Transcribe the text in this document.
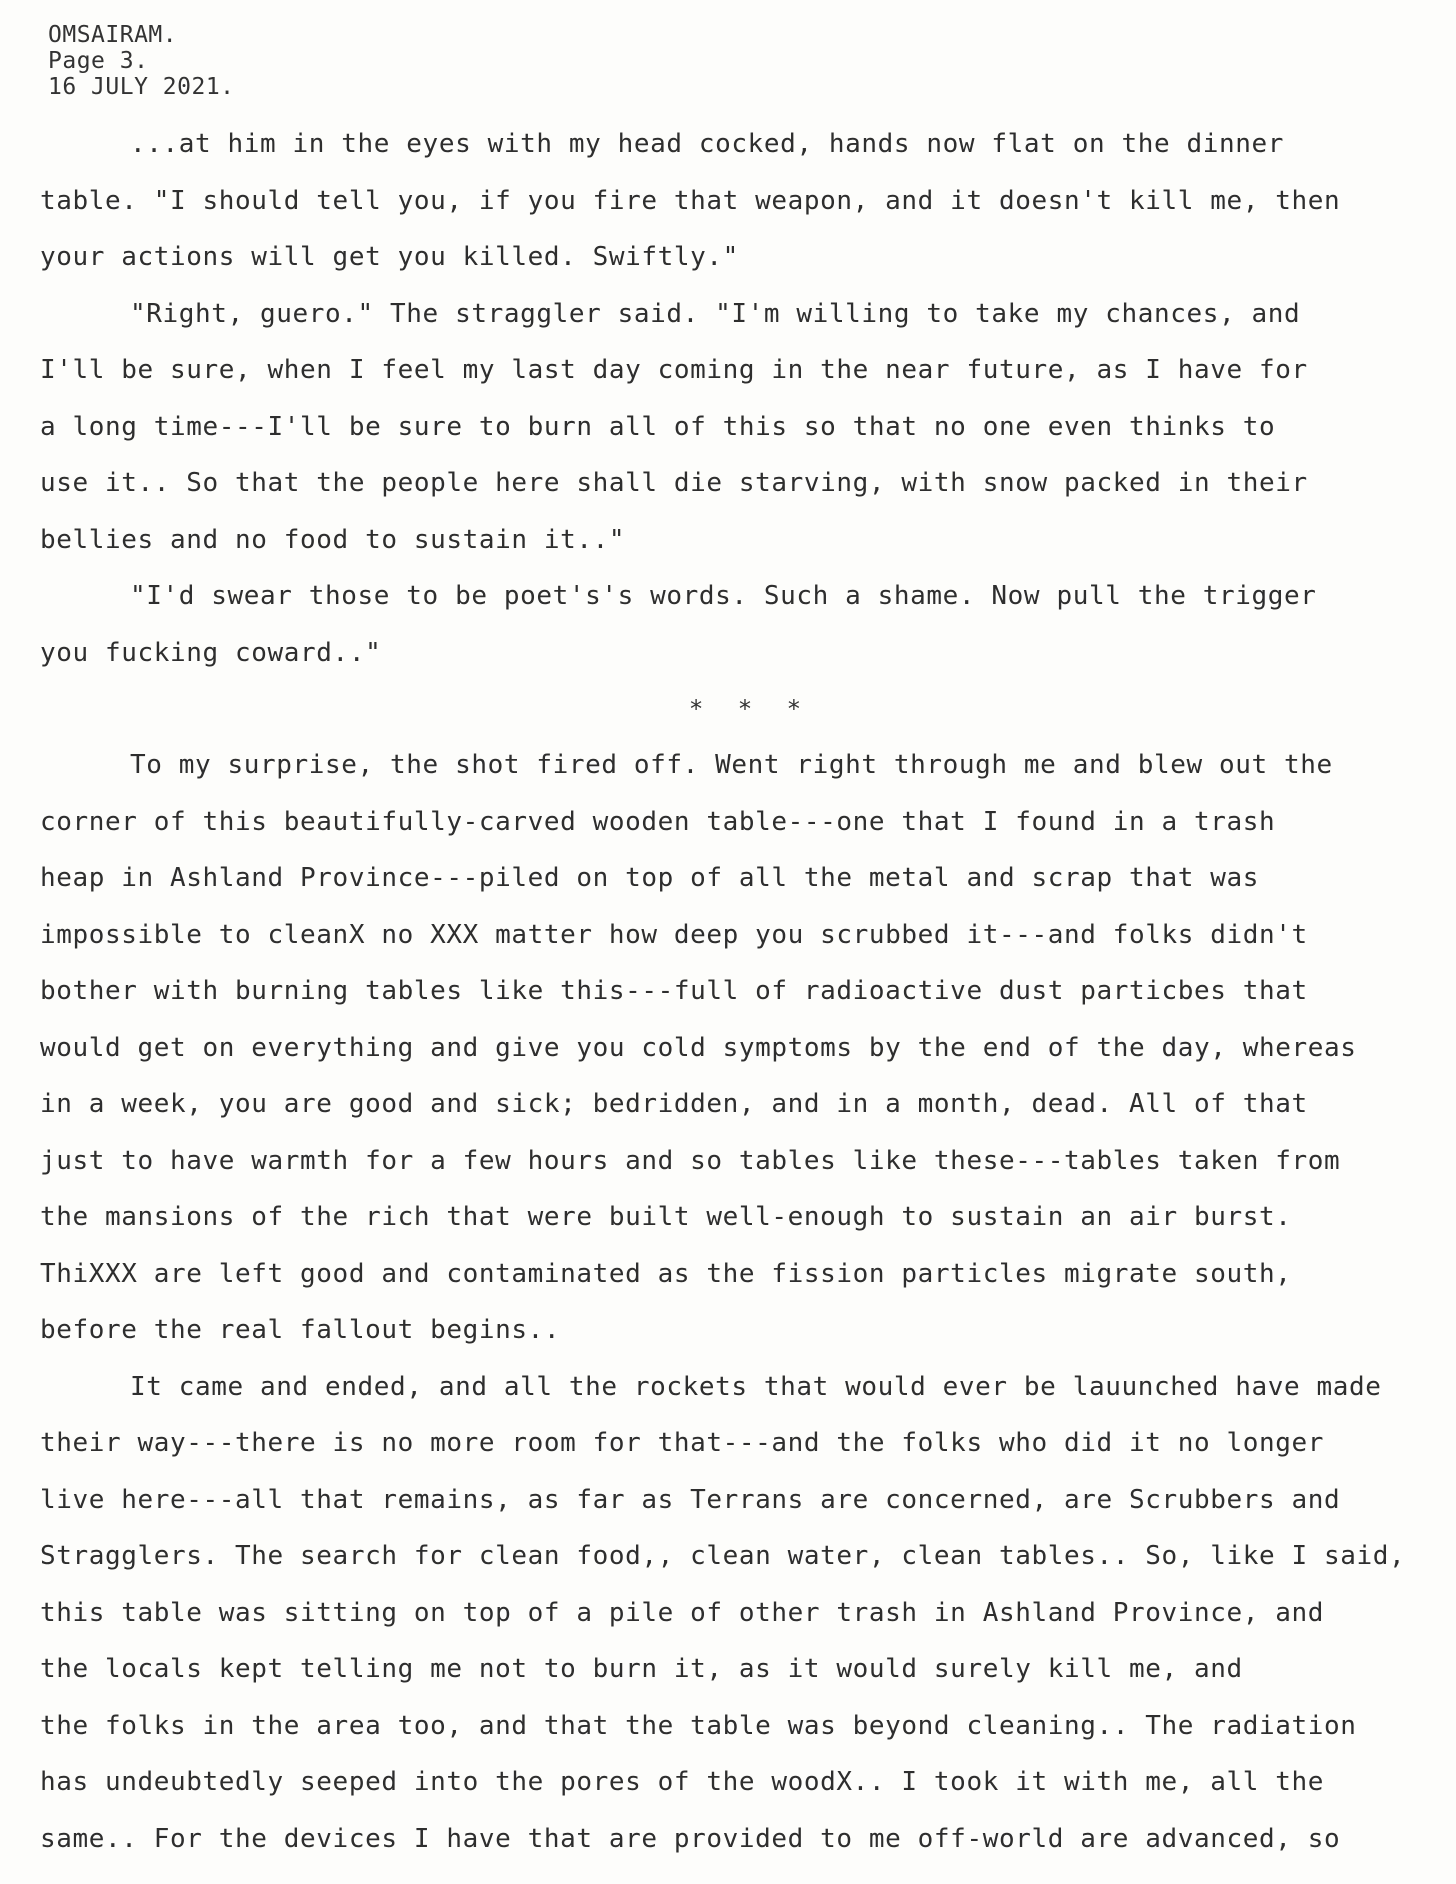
OMSAIRAM.
Page 3.
16 JULY 2021.
...at him in the eyes with my head cocked, hands now flat on the dinner
table. "I should tell you, if you fire that weapon, and it doesn't kill me, then
your actions will get you killed. Swiftly."
"Right, guero." The straggler said. "I'm willing to take my chances, and
I'll be sure, when I feel my last day coming in the near future, as I have for
a long time---I'll be sure to burn all of this so that no one even thinks to
use it.. So that the people here shall die starving, with snow packed in their
bellies and no food to sustain it.."
"I'd swear those to be poet's's words. Such a shame. Now pull the trigger
you fucking coward.."
* * *
To my surprise, the shot fired off. Went right through me and blew out the
corner of this beautifully-carved wooden table---one that I found in a trash
heap in Ashland Province---piled on top of all the metal and scrap that was
impossible to cleanX no XXX matter how deep you scrubbed it---and folks didn't
bother with burning tables like this---full of radioactive dust particbes that
would get on everything and give you cold symptoms by the end of the day, whereas
in a week, you are good and sick; bedridden, and in a month, dead. All of that
just to have warmth for a few hours and so tables like these---tables taken from
the mansions of the rich that were built well-enough to sustain an air burst.
ThiXXX are left good and contaminated as the fission particles migrate south,
before the real fallout begins..
It came and ended, and all the rockets that would ever be lauunched have made
their way---there is no more room for that---and the folks who did it no longer
live here---all that remains, as far as Terrans are concerned, are Scrubbers and
Stragglers. The search for clean food,, clean water, clean tables.. So, like I said,
this table was sitting on top of a pile of other trash in Ashland Province, and
the locals kept telling me not to burn it, as it would surely kill me, and
the folks in the area too, and that the table was beyond cleaning.. The radiation
has undeubtedly seeped into the pores of the woodX.. I took it with me, all the
same.. For the devices I have that are provided to me off-world are advanced, so
